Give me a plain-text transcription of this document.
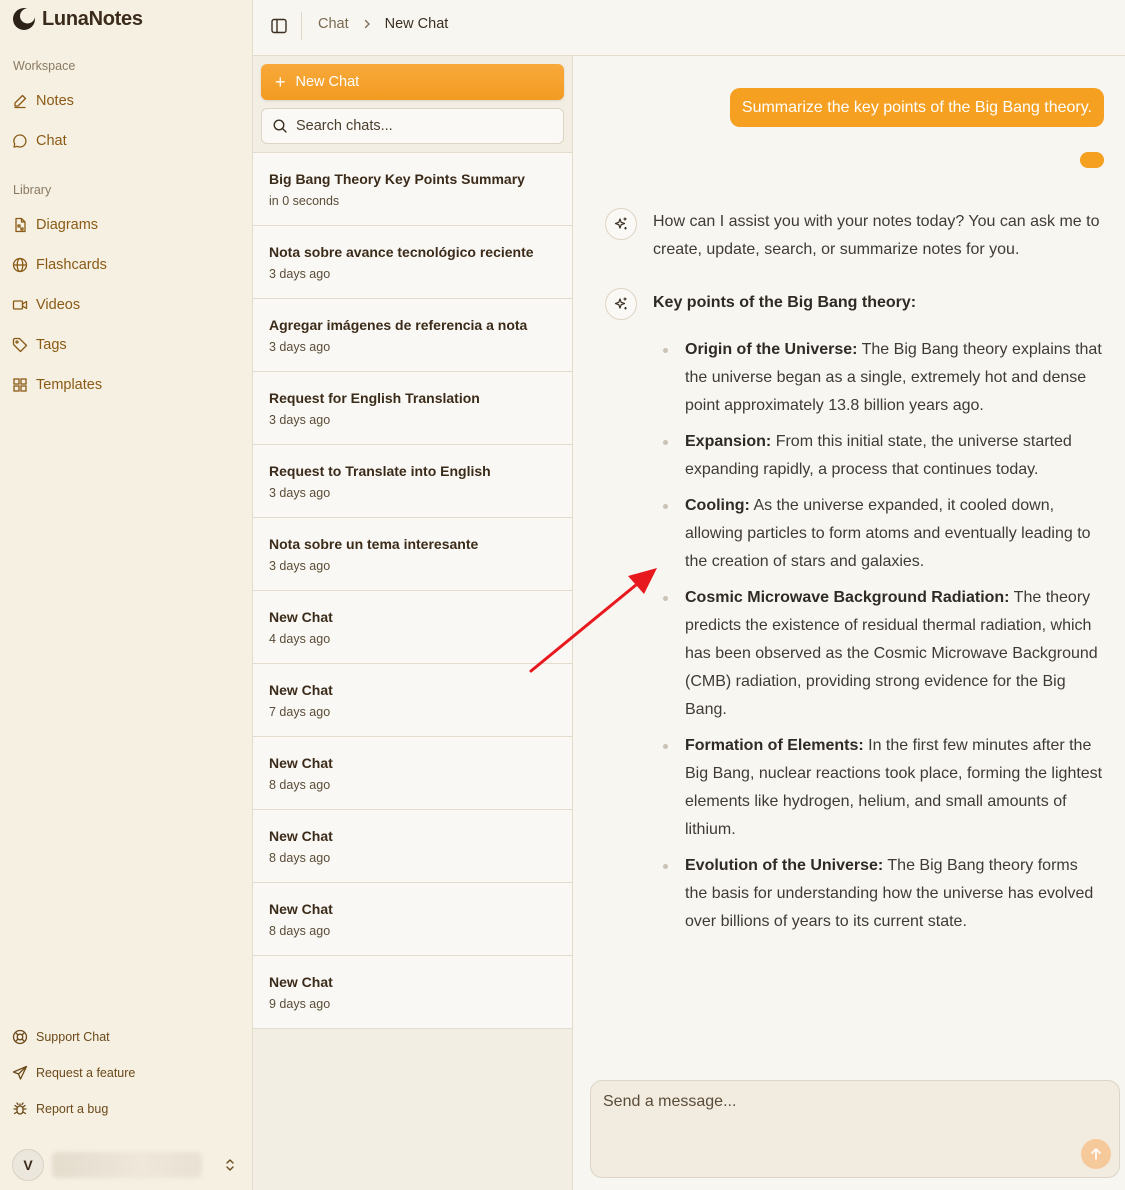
LunaNotes
Workspace
Notes
Chat
Library
Diagrams
Flashcards
Videos
Tags
Templates
Support Chat
Request a feature
Report a bug
V
Chat New Chat
+ New Chat
Search chats...
Big Bang Theory Key Points Summary
in 0 seconds
Nota sobre avance tecnológico reciente
3 days ago
Agregar imágenes de referencia a nota
3 days ago
Request for English Translation
3 days ago
Request to Translate into English
3 days ago
Nota sobre un tema interesante
3 days ago
New Chat
4 days ago
New Chat
7 days ago
New Chat
8 days ago
New Chat
8 days ago
New Chat
8 days ago
New Chat
9 days ago
Summarize the key points of the Big Bang theory.
How can I assist you with your notes today? You can ask me to create, update, search, or summarize notes for you.
Key points of the Big Bang theory:
Origin of the Universe: The Big Bang theory explains that the universe began as a single, extremely hot and dense point approximately 13.8 billion years ago.
Expansion: From this initial state, the universe started expanding rapidly, a process that continues today.
Cooling: As the universe expanded, it cooled down, allowing particles to form atoms and eventually leading to the creation of stars and galaxies.
Cosmic Microwave Background Radiation: The theory predicts the existence of residual thermal radiation, which has been observed as the Cosmic Microwave Background (CMB) radiation, providing strong evidence for the Big Bang.
Formation of Elements: In the first few minutes after the Big Bang, nuclear reactions took place, forming the lightest elements like hydrogen, helium, and small amounts of lithium.
Evolution of the Universe: The Big Bang theory forms the basis for understanding how the universe has evolved over billions of years to its current state.
Send a message...
